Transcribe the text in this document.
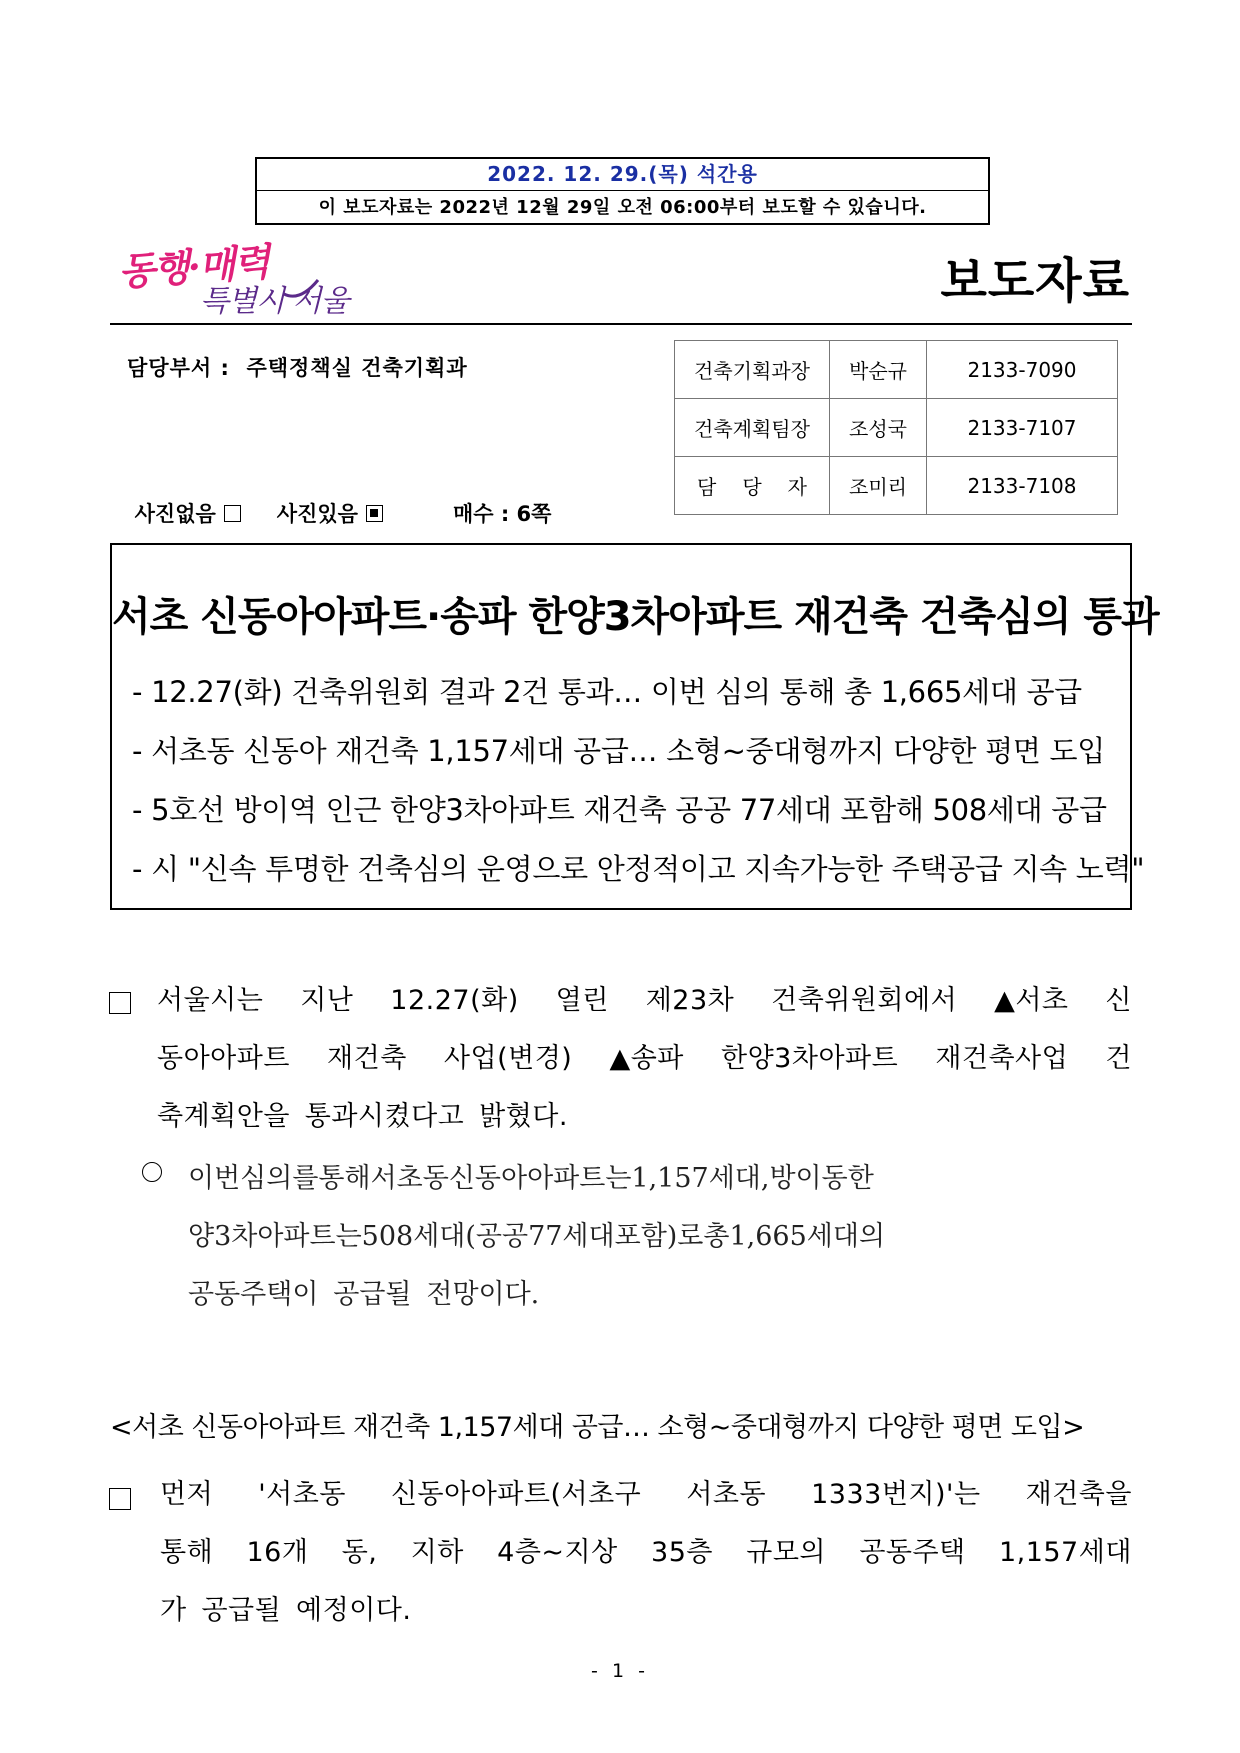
2022. 12. 29.(목) 석간용
이 보도자료는 2022년 12월 29일 오전 06:00부터 보도할 수 있습니다.
동행·매력
특별시 서울	보도자료
담당부서 :  주택정책실 건축기획과

사진없음	사진있음	매수 : 6쪽

건축기획과장	박순규	2133-7090
건축계획팀장	조성국	2133-7107

담 당 자	조미리	2133-7108
서초 신동아아파트·송파 한양3차아파트 재건축 건축심의 통과
- 12.27(화) 건축위원회 결과 2건 통과… 이번 심의 통해 총 1,665세대 공급
- 서초동 신동아 재건축 1,157세대 공급… 소형~중대형까지 다양한 평면 도입
- 5호선 방이역 인근 한양3차아파트 재건축 공공 77세대 포함해 508세대 공급
- 시 "신속 투명한 건축심의 운영으로 안정적이고 지속가능한 주택공급 지속 노력"
서울시는 지난 12.27(화) 열린 제23차 건축위원회에서 ▲서초 신
동아아파트 재건축 사업(변경) ▲송파 한양3차아파트 재건축사업 건
축계획안을 통과시켰다고 밝혔다.
이번심의를통해서초동신동아아파트는1,157세대,방이동한
양3차아파트는508세대(공공77세대포함)로총1,665세대의
공동주택이 공급될 전망이다.
<서초 신동아아파트 재건축 1,157세대 공급… 소형~중대형까지 다양한 평면 도입>
먼저 '서초동 신동아아파트(서초구 서초동 1333번지)'는 재건축을
통해 16개 동, 지하 4층~지상 35층 규모의 공동주택 1,157세대
가 공급될 예정이다.
- 1 -
